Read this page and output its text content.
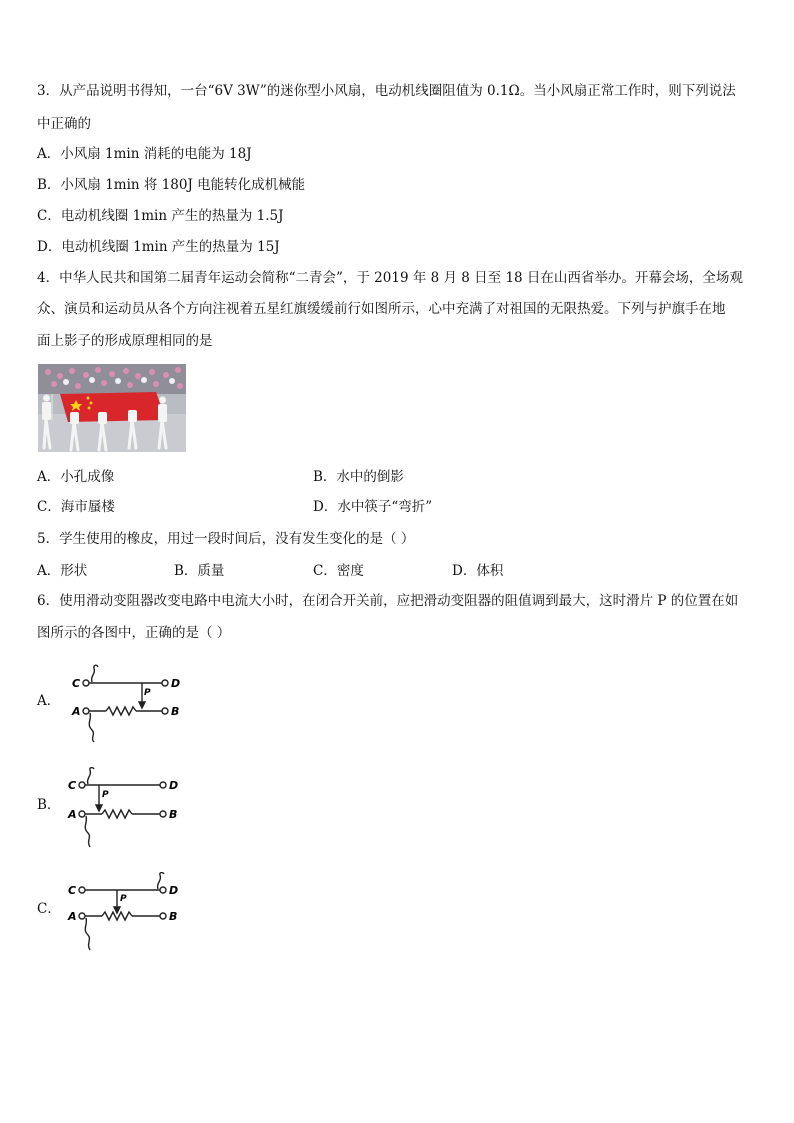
3．从产品说明书得知，一台“6V 3W”的迷你型小风扇，电动机线圈阻值为 0.1Ω。当小风扇正常工作时，则下列说法
中正确的
A．小风扇 1min 消耗的电能为 18J
B．小风扇 1min 将 180J 电能转化成机械能
C．电动机线圈 1min 产生的热量为 1.5J
D．电动机线圈 1min 产生的热量为 15J
4．中华人民共和国第二届青年运动会简称“二青会”，于 2019 年 8 月 8 日至 18 日在山西省举办。开幕会场，全场观
众、演员和运动员从各个方向注视着五星红旗缓缓前行如图所示，心中充满了对祖国的无限热爱。下列与护旗手在地
面上影子的形成原理相同的是
A．小孔成像	B．水中的倒影
C．海市蜃楼	D．水中筷子“弯折”
5．学生使用的橡皮，用过一段时间后，没有发生变化的是（ ）
A．形状	B．质量	C．密度	D．体积
6．使用滑动变阻器改变电路中电流大小时，在闭合开关前，应把滑动变阻器的阻值调到最大，这时滑片 P 的位置在如
图所示的各图中，正确的是（ ）
A．
C	D
A	B
P
B．
C	D
A	B
P
C．
C	D
A	B
P
